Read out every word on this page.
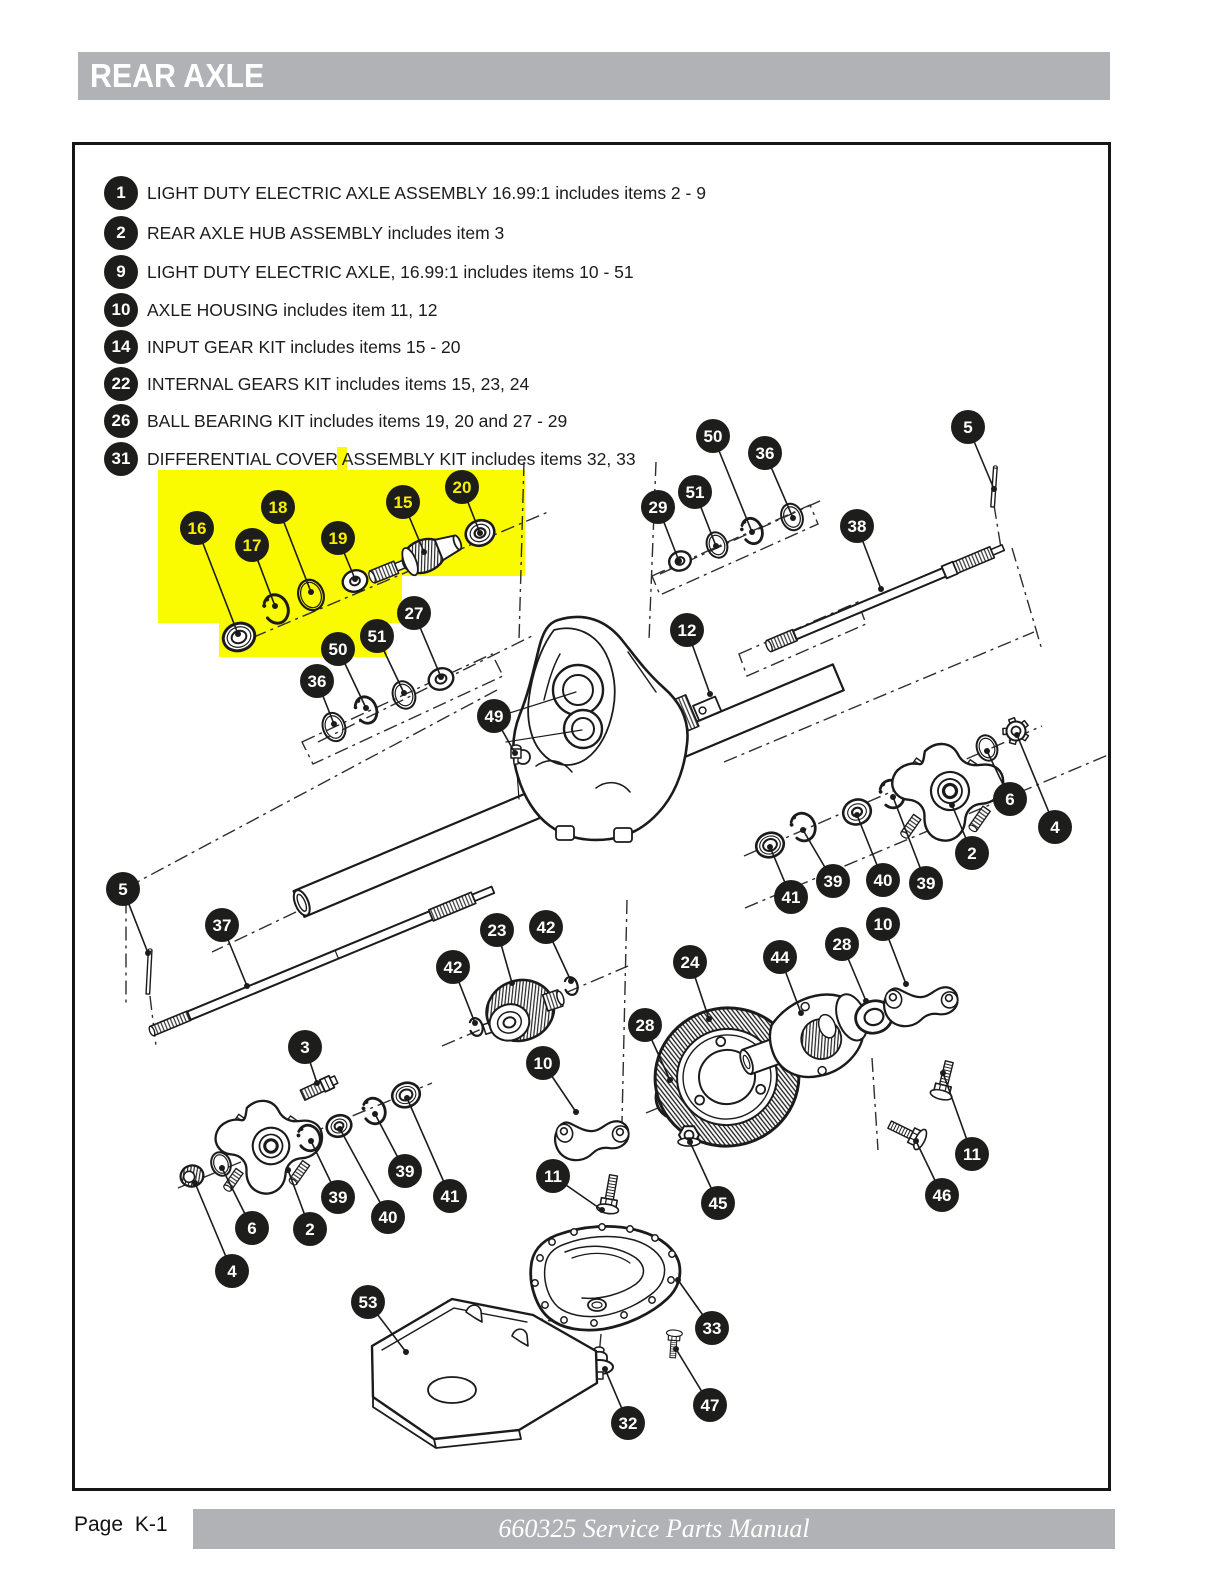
REAR AXLE
1	LIGHT DUTY ELECTRIC AXLE ASSEMBLY 16.99:1 includes items 2 - 9
2	REAR AXLE HUB ASSEMBLY includes item 3
9	LIGHT DUTY ELECTRIC AXLE, 16.99:1 includes items 10 - 51
10 AXLE HOUSING includes item 11, 12
14 INPUT GEAR KIT includes items 15 - 20
22 INTERNAL GEARS KIT includes items 15, 23, 24
26 BALL BEARING KIT includes items 19, 20 and 27 - 29
31 DIFFERENTIAL COVER ASSEMBLY KIT includes items 32, 33
50
36
5
51
29
38
20
15
18
16
17	19
27
51
50
12
36
49
5
37	23 42
42
10
28
44
24
6
4
2
41
39 40 39
3
28
10
39
39
40
41
6	2
4
11
45	46
11
53
33
32
47
Page K-1	660325 Service Parts Manual
